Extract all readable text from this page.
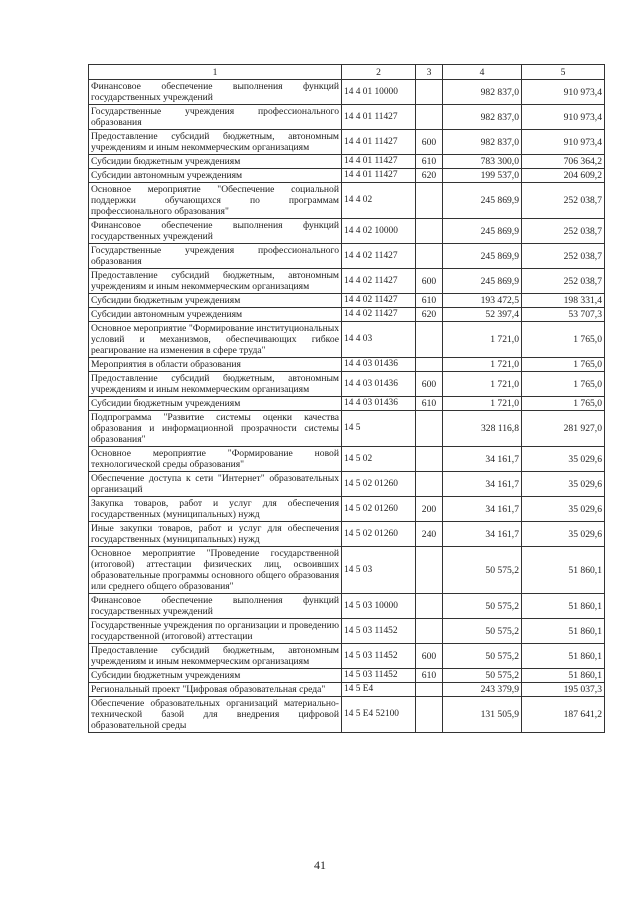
1	2	3	4	5
Финансовое обеспечение выполнения функций государственных учреждений	14 4 01 10000		982 837,0	910 973,4
Государственные учреждения профессионального образования	14 4 01 11427		982 837,0	910 973,4
Предоставление субсидий бюджетным, автономным учреждениям и иным некоммерческим организациям	14 4 01 11427	600	982 837,0	910 973,4
Субсидии бюджетным учреждениям	14 4 01 11427	610	783 300,0	706 364,2
Субсидии автономным учреждениям	14 4 01 11427	620	199 537,0	204 609,2
Основное мероприятие "Обеспечение социальной поддержки обучающихся по программам профессионального образования"	14 4 02		245 869,9	252 038,7
Финансовое обеспечение выполнения функций государственных учреждений	14 4 02 10000		245 869,9	252 038,7
Государственные учреждения профессионального образования	14 4 02 11427		245 869,9	252 038,7
Предоставление субсидий бюджетным, автономным учреждениям и иным некоммерческим организациям	14 4 02 11427	600	245 869,9	252 038,7
Субсидии бюджетным учреждениям	14 4 02 11427	610	193 472,5	198 331,4
Субсидии автономным учреждениям	14 4 02 11427	620	52 397,4	53 707,3
Основное мероприятие "Формирование институциональных условий и механизмов, обеспечивающих гибкое реагирование на изменения в сфере труда"	14 4 03		1 721,0	1 765,0
Мероприятия в области образования	14 4 03 01436		1 721,0	1 765,0
Предоставление субсидий бюджетным, автономным учреждениям и иным некоммерческим организациям	14 4 03 01436	600	1 721,0	1 765,0
Субсидии бюджетным учреждениям	14 4 03 01436	610	1 721,0	1 765,0
Подпрограмма "Развитие системы оценки качества образования и информационной прозрачности системы образования"	14 5		328 116,8	281 927,0
Основное мероприятие "Формирование новой технологической среды образования"	14 5 02		34 161,7	35 029,6
Обеспечение доступа к сети "Интернет" образовательных организаций	14 5 02 01260		34 161,7	35 029,6
Закупка товаров, работ и услуг для обеспечения государственных (муниципальных) нужд	14 5 02 01260	200	34 161,7	35 029,6
Иные закупки товаров, работ и услуг для обеспечения государственных (муниципальных) нужд	14 5 02 01260	240	34 161,7	35 029,6
Основное мероприятие "Проведение государственной (итоговой) аттестации физических лиц, освоивших образовательные программы основного общего образования или среднего общего образования"	14 5 03		50 575,2	51 860,1
Финансовое обеспечение выполнения функций государственных учреждений	14 5 03 10000		50 575,2	51 860,1
Государственные учреждения по организации и проведению государственной (итоговой) аттестации	14 5 03 11452		50 575,2	51 860,1
Предоставление субсидий бюджетным, автономным учреждениям и иным некоммерческим организациям	14 5 03 11452	600	50 575,2	51 860,1
Субсидии бюджетным учреждениям	14 5 03 11452	610	50 575,2	51 860,1
Региональный проект "Цифровая образовательная среда"	14 5 E4		243 379,9	195 037,3
Обеспечение образовательных организаций материально-технической базой для внедрения цифровой образовательной среды	14 5 E4 52100		131 505,9	187 641,2
41
